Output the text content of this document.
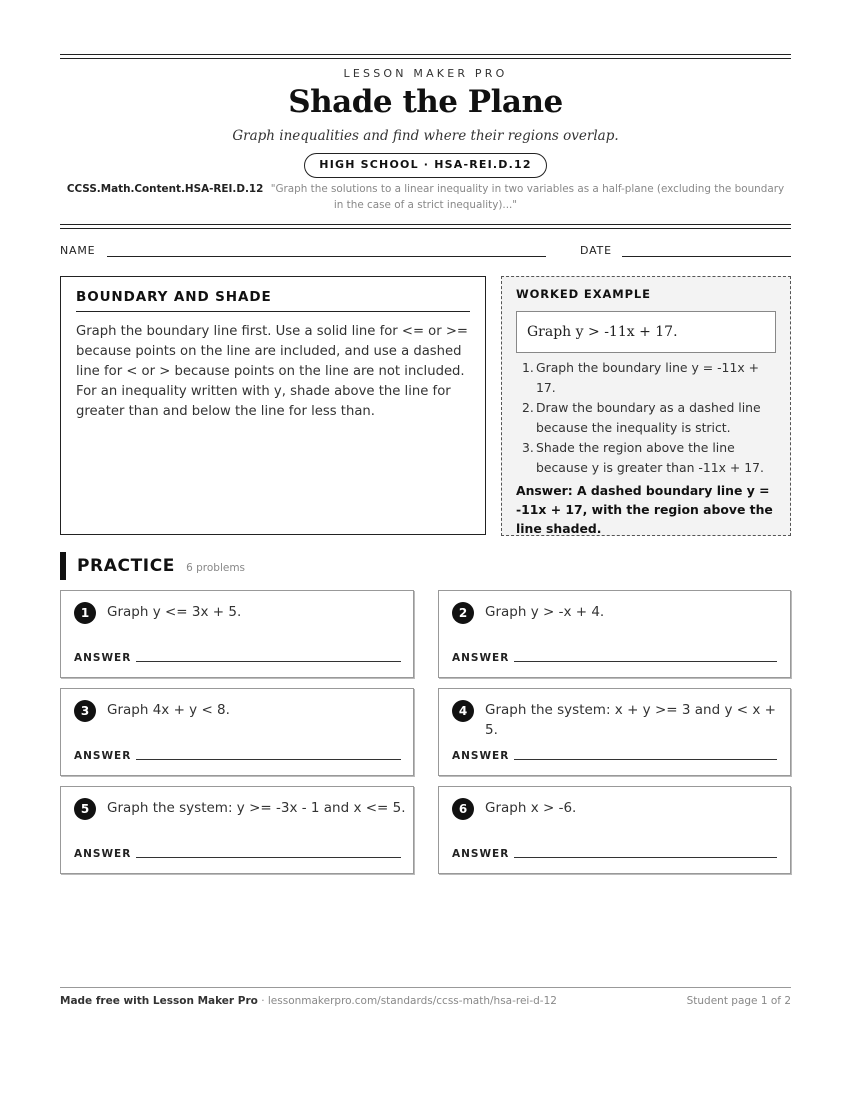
LESSON MAKER PRO
Shade the Plane
Graph inequalities and find where their regions overlap.
HIGH SCHOOL · HSA-REI.D.12
CCSS.Math.Content.HSA-REI.D.12 "Graph the solutions to a linear inequality in two variables as a half-plane (excluding the boundary in the case of a strict inequality)..."
NAME	DATE
BOUNDARY AND SHADE

Graph the boundary line first. Use a solid line for <= or >= because points on the line are included, and use a dashed line for < or > because points on the line are not included. For an inequality written with y, shade above the line for greater than and below the line for less than.

WORKED EXAMPLE
Graph y > -11x + 17.
1. Graph the boundary line y = -11x + 17.
2. Draw the boundary as a dashed line because the inequality is strict.
3. Shade the region above the line because y is greater than -11x + 17.
Answer: A dashed boundary line y = -11x + 17, with the region above the line shaded.
PRACTICE 6 problems
1	Graph y <= 3x + 5.
ANSWER
2	Graph y > -x + 4.
ANSWER
3	Graph 4x + y < 8.
ANSWER
4	Graph the system: x + y >= 3 and y < x + 5.
ANSWER
5	Graph the system: y >= -3x - 1 and x <= 5.
ANSWER
6	Graph x > -6.
ANSWER
Made free with Lesson Maker Pro · lessonmakerpro.com/standards/ccss-math/hsa-rei-d-12	Student page 1 of 2
